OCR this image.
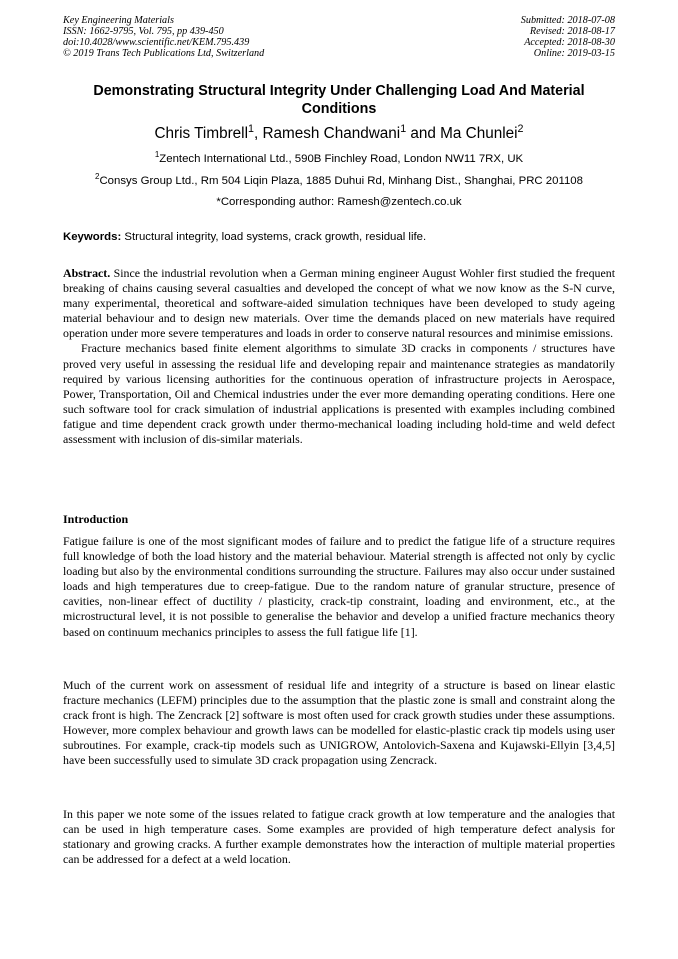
Key Engineering Materials
ISSN: 1662-9795, Vol. 795, pp 439-450
doi:10.4028/www.scientific.net/KEM.795.439
© 2019 Trans Tech Publications Ltd, Switzerland
Submitted: 2018-07-08
Revised: 2018-08-17
Accepted: 2018-08-30
Online: 2019-03-15
Demonstrating Structural Integrity Under Challenging Load And Material Conditions
Chris Timbrell$^1$, Ramesh Chandwani$^1$ and Ma Chunlei$^2$
$^1$Zentech International Ltd., 590B Finchley Road, London NW11 7RX, UK
$^2$Consys Group Ltd., Rm 504 Liqin Plaza, 1885 Duhui Rd, Minhang Dist., Shanghai, PRC 201108
*Corresponding author: Ramesh@zentech.co.uk
Keywords: Structural integrity, load systems, crack growth, residual life.

Abstract. Since the industrial revolution when a German mining engineer August Wohler first studied the frequent breaking of chains causing several casualties and developed the concept of what we now know as the S-N curve, many experimental, theoretical and software-aided simulation techniques have been developed to study ageing material behaviour and to design new materials. Over time the demands placed on new materials have required operation under more severe temperatures and loads in order to conserve natural resources and minimise emissions.

Fracture mechanics based finite element algorithms to simulate 3D cracks in components / structures have proved very useful in assessing the residual life and developing repair and maintenance strategies as mandatorily required by various licensing authorities for the continuous operation of infrastructure projects in Aerospace, Power, Transportation, Oil and Chemical industries under the ever more demanding operating conditions. Here one such software tool for crack simulation of industrial applications is presented with examples including combined fatigue and time dependent crack growth under thermo-mechanical loading including hold-time and weld defect assessment with inclusion of dis-similar materials.

Introduction

Fatigue failure is one of the most significant modes of failure and to predict the fatigue life of a structure requires full knowledge of both the load history and the material behaviour. Material strength is affected not only by cyclic loading but also by the environmental conditions surrounding the structure. Failures may also occur under sustained loads and high temperatures due to creep-fatigue. Due to the random nature of granular structure, presence of cavities, non-linear effect of ductility / plasticity, crack-tip constraint, loading and environment, etc., at the microstructural level, it is not possible to generalise the behavior and develop a unified fracture mechanics theory based on continuum mechanics principles to assess the full fatigue life [1].

Much of the current work on assessment of residual life and integrity of a structure is based on linear elastic fracture mechanics (LEFM) principles due to the assumption that the plastic zone is small and constraint along the crack front is high. The Zencrack [2] software is most often used for crack growth studies under these assumptions. However, more complex behaviour and growth laws can be modelled for elastic-plastic crack tip models using user subroutines. For example, crack-tip models such as UNIGROW, Antolovich-Saxena and Kujawski-Ellyin [3,4,5] have been successfully used to simulate 3D crack propagation using Zencrack.

In this paper we note some of the issues related to fatigue crack growth at low temperature and the analogies that can be used in high temperature cases. Some examples are provided of high temperature defect analysis for stationary and growing cracks. A further example demonstrates how the interaction of multiple material properties can be addressed for a defect at a weld location.
